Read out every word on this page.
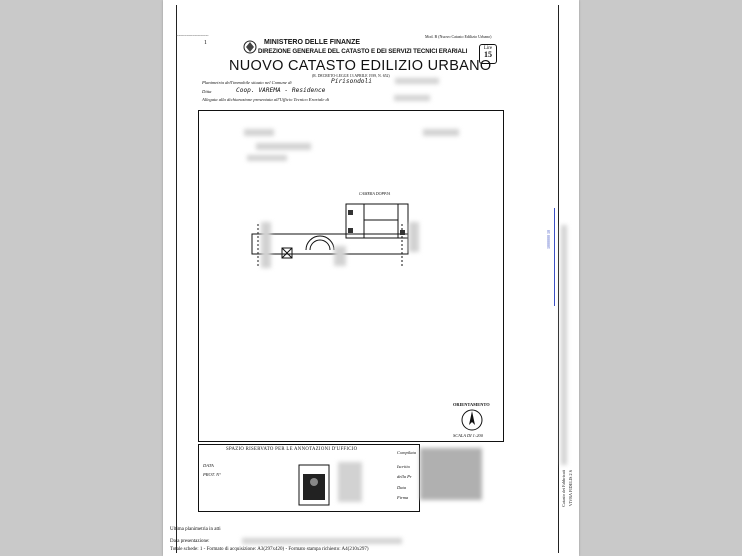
~~~~~~~~~~~~
1	MINISTERO DELLE FINANZE
DIREZIONE GENERALE DEL CATASTO E DEI SERVIZI TECNICI ERARIALI
Mod. B (Nuovo Catasto Edilizio Urbano)
Lire
15
NUOVO CATASTO EDILIZIO URBANO
(R. DECRETO-LEGGE 13 APRILE 1939, N. 652)
Planimetria dell'immobile situato nel Comune di	Pirisondoli
Ditta	Coop. VAREMA - Residence
Allegata alla dichiarazione presentata all'Ufficio Tecnico Erariale di
CAMERA DOPPIA
ORIENTAMENTO
SCALA DI 1:200
SPAZIO RISERVATO PER LE ANNOTAZIONI D'UFFICIO
DATA
PROT. N°
Compilata
Iscritto
della Pr
Data
Firma
Ultima planimetria in atti
Data presentazione:
Totale schede: 1 - Formato di acquisizione: A3(297x420) - Formato stampa richiesto: A4(210x297)
1000000 10
Catasto dei Fabbricati VIVRA FIDELIS 2 S
